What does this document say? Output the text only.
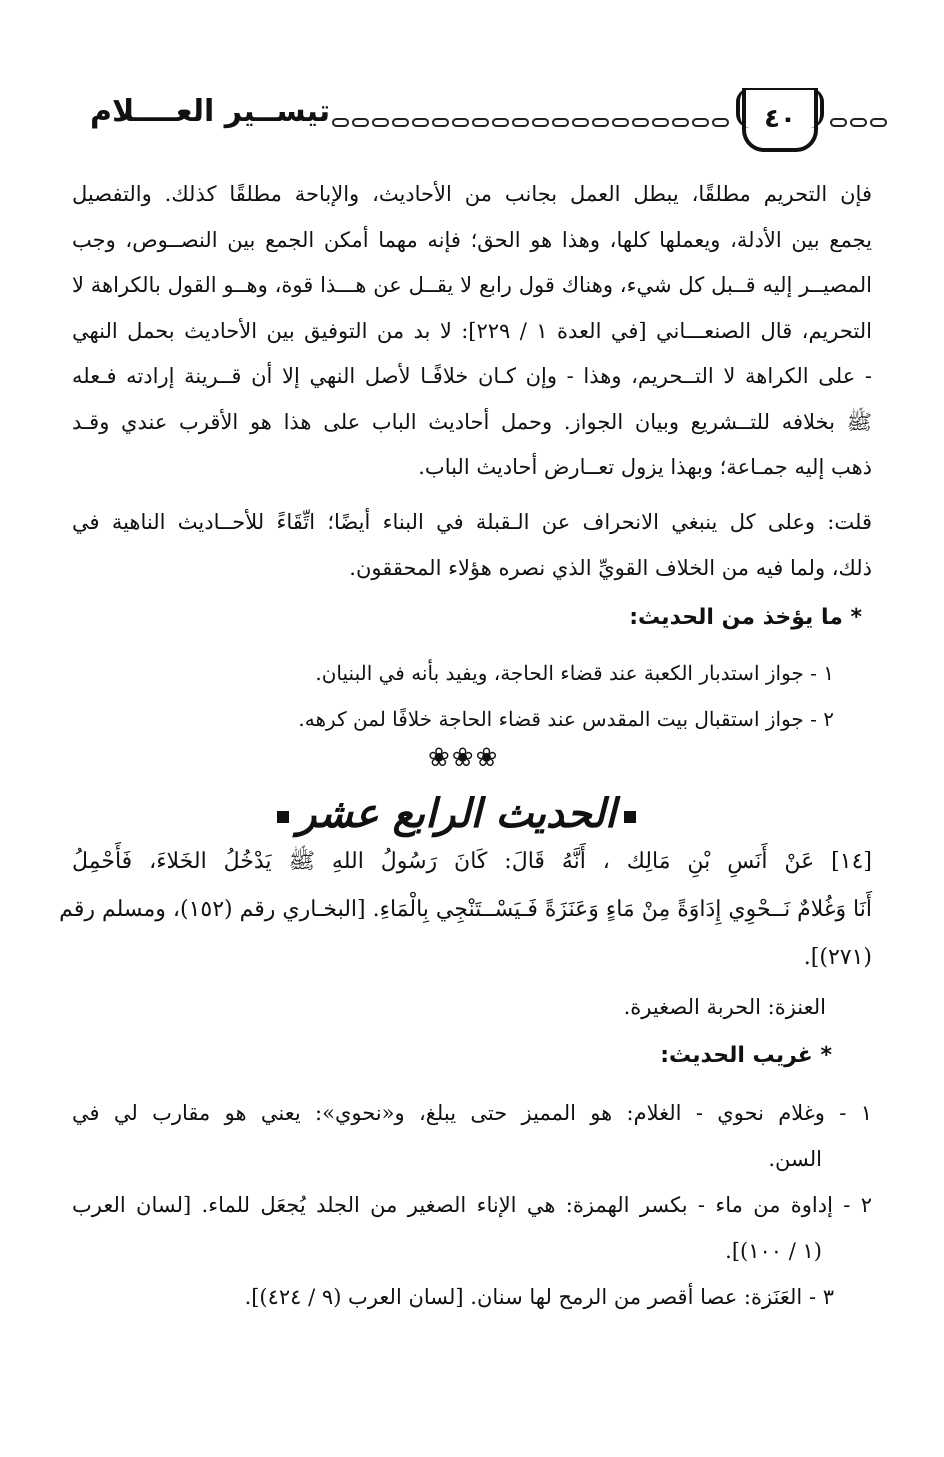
تيســير العــــلام	٤٠
فإن التحريم مطلقًا، يبطل العمل بجانب من الأحاديث، والإباحة مطلقًا كذلك. والتفصيل
يجمع بين الأدلة، ويعملها كلها، وهذا هو الحق؛ فإنه مهما أمكن الجمع بين النصــوص، وجب
المصيــر إليه قــبل كل شيء، وهناك قول رابع لا يقــل عن هـــذا قوة، وهــو القول بالكراهة لا
التحريم، قال الصنعـــاني [في العدة ١ / ٢٢٩]: لا بد من التوفيق بين الأحاديث بحمل النهي
- على الكراهة لا التــحريم، وهذا - وإن كـان خلافًـا لأصل النهي إلا أن قــرينة إرادته فـعله
ﷺ بخلافه للتــشريع وبيان الجواز. وحمل أحاديث الباب على هذا هو الأقرب عندي وقـد
ذهب إليه جمـاعة؛ وبهذا يزول تعــارض أحاديث الباب.
قلت: وعلى كل ينبغي الانحراف عن الـقبلة في البناء أيضًا؛ اتِّقَاءً للأحــاديث الناهية في
ذلك، ولما فيه من الخلاف القويِّ الذي نصره هؤلاء المحققون.
* ما يؤخذ من الحديث:
١ - جواز استدبار الكعبة عند قضاء الحاجة، ويفيد بأنه في البنيان.
٢ - جواز استقبال بيت المقدس عند قضاء الحاجة خلافًا لمن كرهه.
❀❀❀
الحديث الرابع عشر
[١٤] عَنْ أَنَسِ بْنِ مَالِك ، أَنَّهُ قَالَ: كَانَ رَسُولُ اللهِ ﷺ يَدْخُلُ الخَلاءَ، فَأَحْمِلُ
أَنَا وَغُلامٌ نَــحْوِي إِدَاوَةً مِنْ مَاءٍ وَعَنَزَةً فَـيَسْــتَنْجِي بِالْمَاءِ. [البخـاري رقم (١٥٢)، ومسلم رقم
(٢٧١)].
العنزة: الحربة الصغيرة.
* غريب الحديث:
١ - وغلام نحوي - الغلام: هو المميز حتى يبلغ، و«نحوي»: يعني هو مقارب لي في
السن.
٢ - إداوة من ماء - بكسر الهمزة: هي الإناء الصغير من الجلد يُجعَل للماء. [لسان العرب
(١ / ١٠٠)].
٣ - العَنَزة: عصا أقصر من الرمح لها سنان. [لسان العرب (٩ / ٤٢٤)].
